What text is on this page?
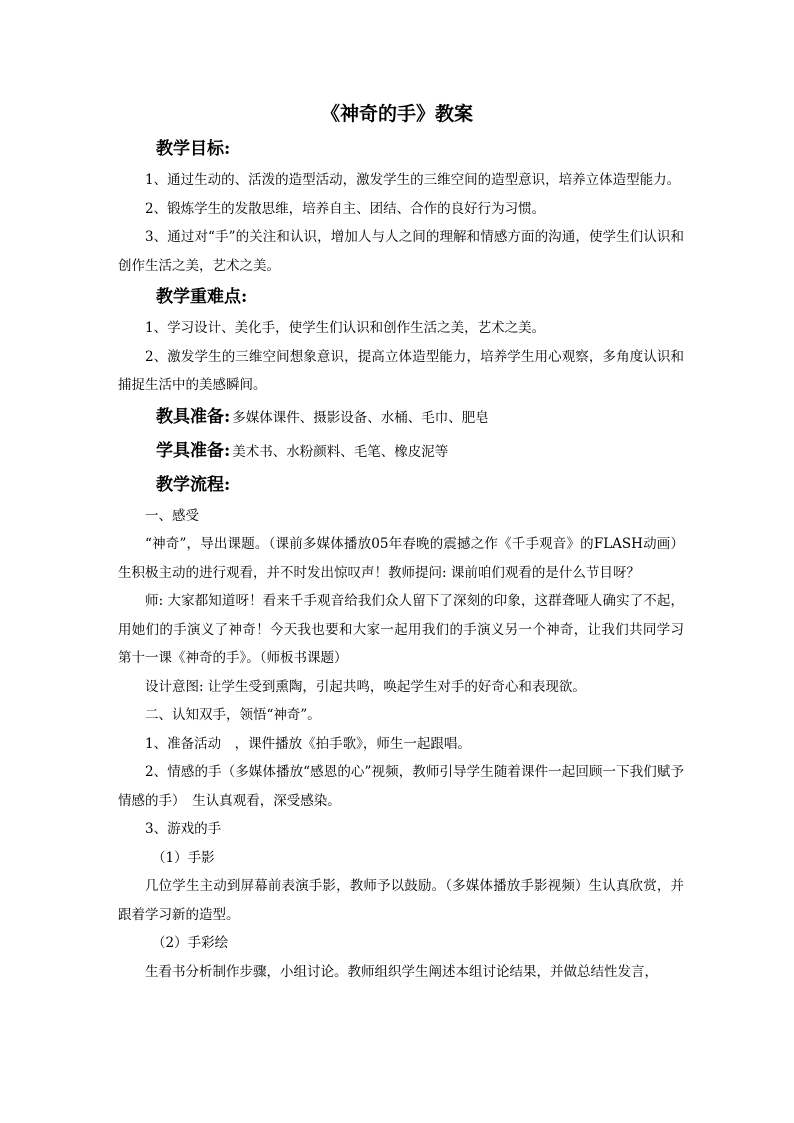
《神奇的手》教案

教学目标:

1、通过生动的、活泼的造型活动，激发学生的三维空间的造型意识，培养立体造型能力。

2、锻炼学生的发散思维，培养自主、团结、合作的良好行为习惯。

3、通过对“手”的关注和认识，增加人与人之间的理解和情感方面的沟通，使学生们认识和创作生活之美，艺术之美。

教学重难点:

1、学习设计、美化手，使学生们认识和创作生活之美，艺术之美。

2、激发学生的三维空间想象意识，提高立体造型能力，培养学生用心观察，多角度认识和捕捉生活中的美感瞬间。

教具准备: 多媒体课件、摄影设备、水桶、毛巾、肥皂
学具准备: 美术书、水粉颜料、毛笔、橡皮泥等

教学流程:

一、感受

“神奇”，导出课题。（课前多媒体播放05年春晚的震撼之作《千手观音》的FLASH动画）生积极主动的进行观看，并不时发出惊叹声！教师提问: 课前咱们观看的是什么节目呀？

师: 大家都知道呀！看来千手观音给我们众人留下了深刻的印象，这群聋哑人确实了不起，用她们的手演义了神奇！今天我也要和大家一起用我们的手演义另一个神奇，让我们共同学习第十一课《神奇的手》。（师板书课题）

设计意图: 让学生受到熏陶，引起共鸣，唤起学生对手的好奇心和表现欲。

二、认知双手，领悟“神奇”。

1、准备活动　，课件播放《拍手歌》，师生一起跟唱。

2、情感的手（多媒体播放“感恩的心”视频，教师引导学生随着课件一起回顾一下我们赋予情感的手）　生认真观看，深受感染。

3、游戏的手

（1）手影

几位学生主动到屏幕前表演手影，教师予以鼓励。（多媒体播放手影视频）生认真欣赏，并跟着学习新的造型。

（2）手彩绘

生看书分析制作步骤，小组讨论。教师组织学生阐述本组讨论结果，并做总结性发言，
